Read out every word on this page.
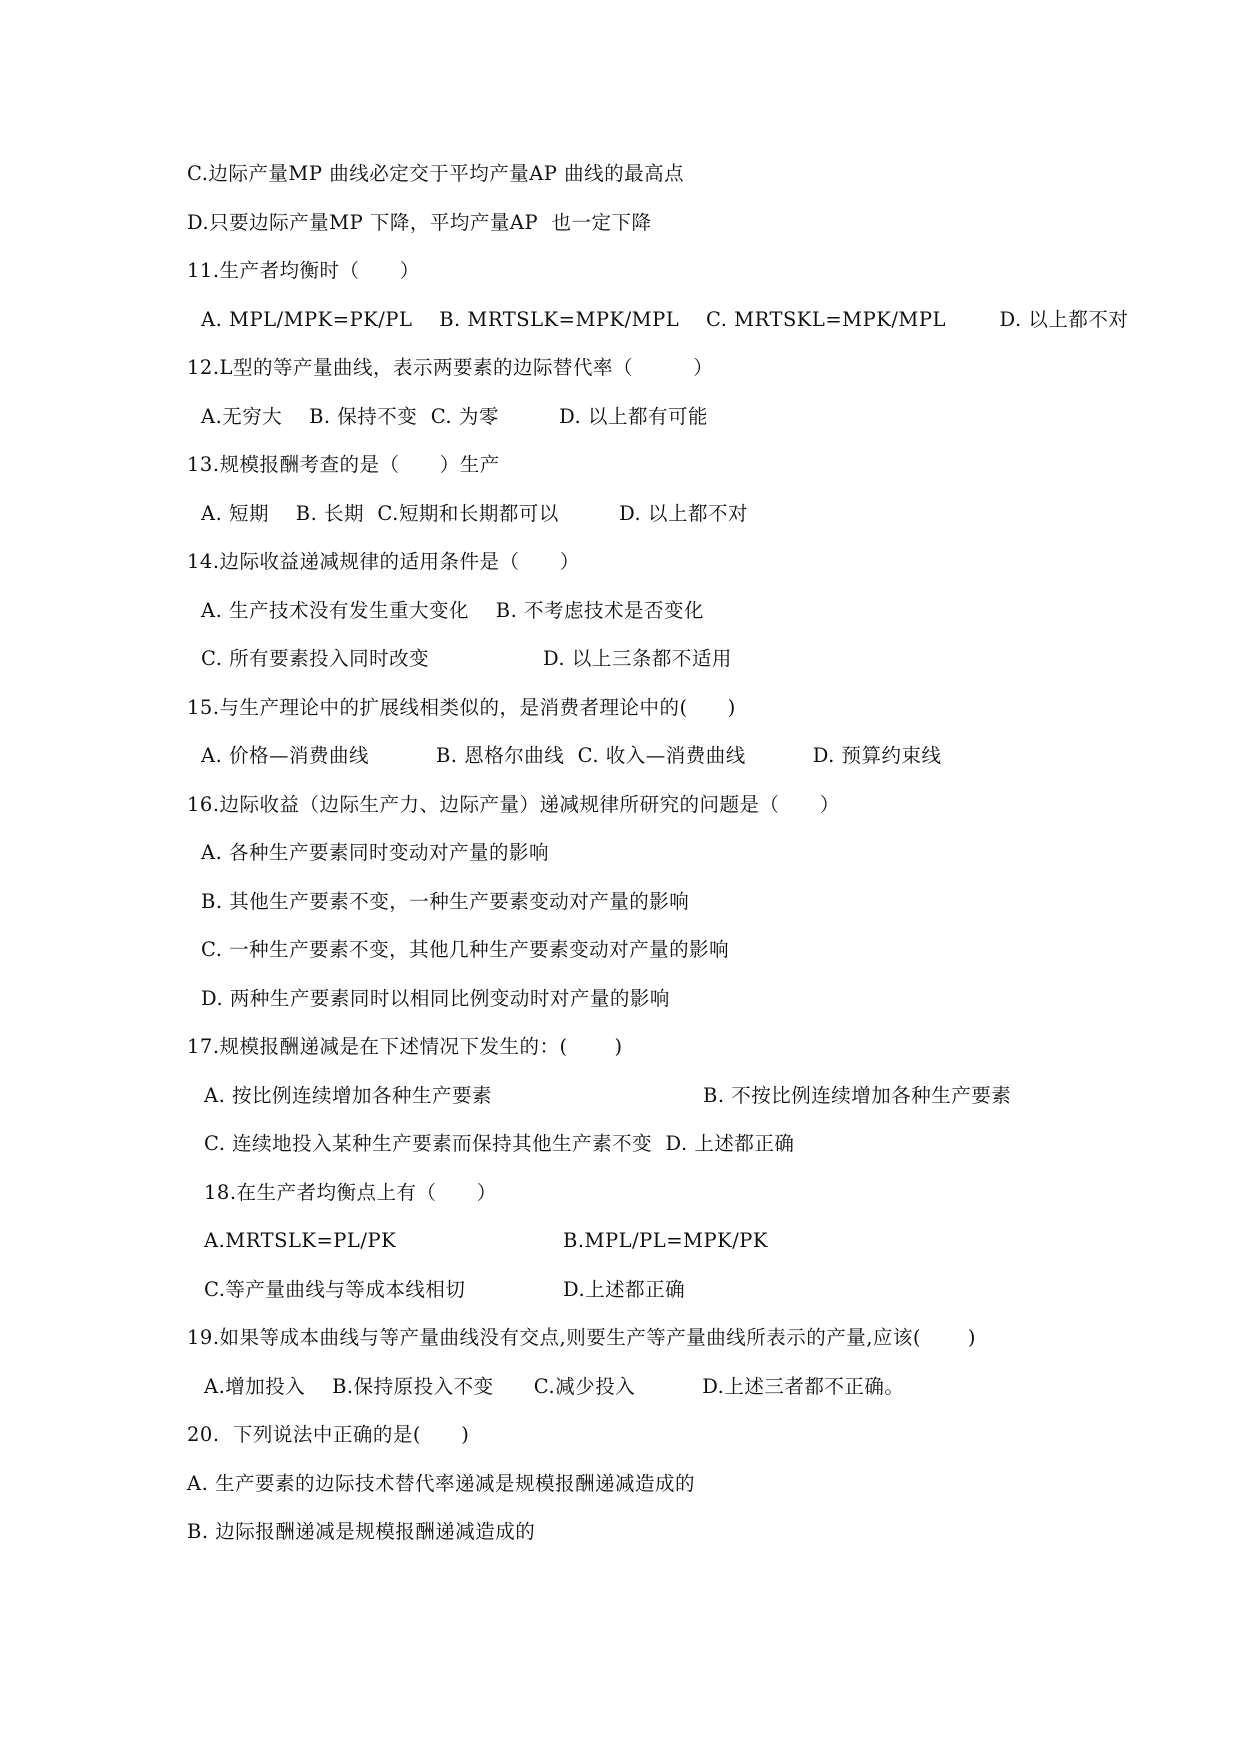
C.边际产量MP 曲线必定交于平均产量AP 曲线的最高点
D.只要边际产量MP 下降，平均产量AP  也一定下降
11.生产者均衡时（      ）
A. MPL/MPK=PK/PL    B. MRTSLK=MPK/MPL    C. MRTSKL=MPK/MPL        D. 以上都不对
12.L型的等产量曲线，表示两要素的边际替代率（         ）
A.无穷大    B. 保持不变  C. 为零         D. 以上都有可能
13.规模报酬考查的是（      ）生产
A. 短期    B. 长期  C.短期和长期都可以         D. 以上都不对
14.边际收益递减规律的适用条件是（      ）
A. 生产技术没有发生重大变化    B. 不考虑技术是否变化
C. 所有要素投入同时改变                 D. 以上三条都不适用
15.与生产理论中的扩展线相类似的，是消费者理论中的(      )
A. 价格—消费曲线          B. 恩格尔曲线  C. 收入—消费曲线          D. 预算约束线
16.边际收益（边际生产力、边际产量）递减规律所研究的问题是（      ）
A. 各种生产要素同时变动对产量的影响
B. 其他生产要素不变，一种生产要素变动对产量的影响
C. 一种生产要素不变，其他几种生产要素变动对产量的影响
D. 两种生产要素同时以相同比例变动时对产量的影响
17.规模报酬递减是在下述情况下发生的：(       )
A. 按比例连续增加各种生产要素	B. 不按比例连续增加各种生产要素
C. 连续地投入某种生产要素而保持其他生产素不变  D. 上述都正确
18.在生产者均衡点上有（      ）
A.MRTSLK=PL/PK	B.MPL/PL=MPK/PK
C.等产量曲线与等成本线相切	D.上述都正确
19.如果等成本曲线与等产量曲线没有交点,则要生产等产量曲线所表示的产量,应该(       )
A.增加投入    B.保持原投入不变      C.减少投入          D.上述三者都不正确。
20.  下列说法中正确的是(      )
A. 生产要素的边际技术替代率递减是规模报酬递减造成的
B. 边际报酬递减是规模报酬递减造成的
